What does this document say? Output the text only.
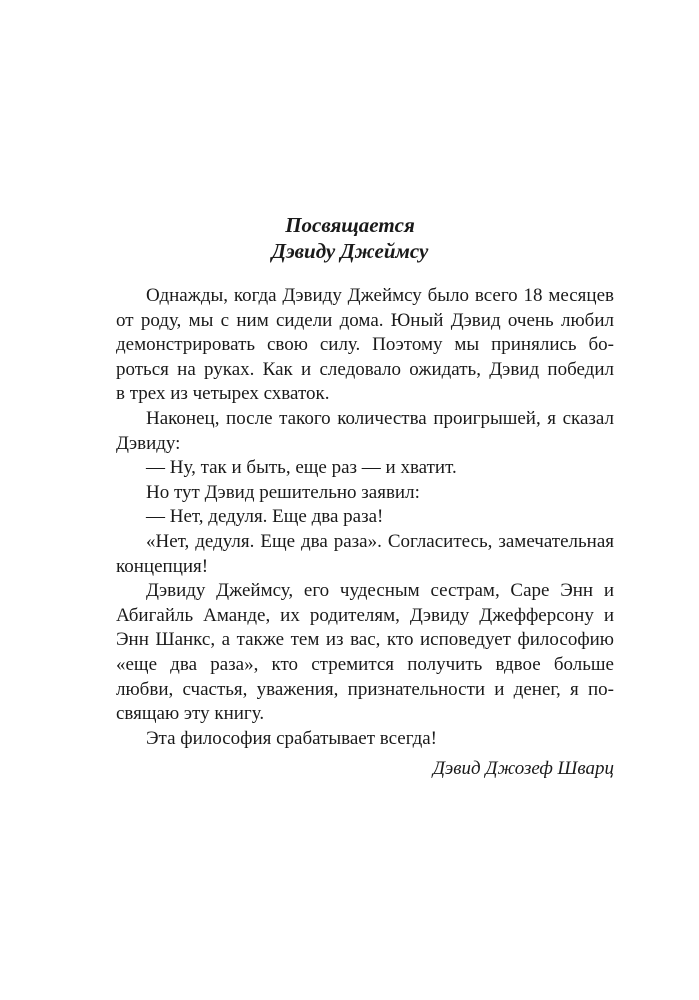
Посвящается
Дэвиду Джеймсу
Однажды, когда Дэвиду Джеймсу было всего 18 месяцев
от роду, мы с ним сидели дома. Юный Дэвид очень любил
демонстрировать свою силу. Поэтому мы принялись бо-
роться на руках. Как и следовало ожидать, Дэвид победил
в трех из четырех схваток.
Наконец, после такого количества проигрышей, я сказал
Дэвиду:
— Ну, так и быть, еще раз — и хватит.
Но тут Дэвид решительно заявил:
— Нет, дедуля. Еще два раза!
«Нет, дедуля. Еще два раза». Согласитесь, замечательная
концепция!
Дэвиду Джеймсу, его чудесным сестрам, Саре Энн и
Абигайль Аманде, их родителям, Дэвиду Джефферсону и
Энн Шанкс, а также тем из вас, кто исповедует философию
«еще два раза», кто стремится получить вдвое больше
любви, счастья, уважения, признательности и денег, я по-
свящаю эту книгу.
Эта философия срабатывает всегда!
Дэвид Джозеф Шварц
